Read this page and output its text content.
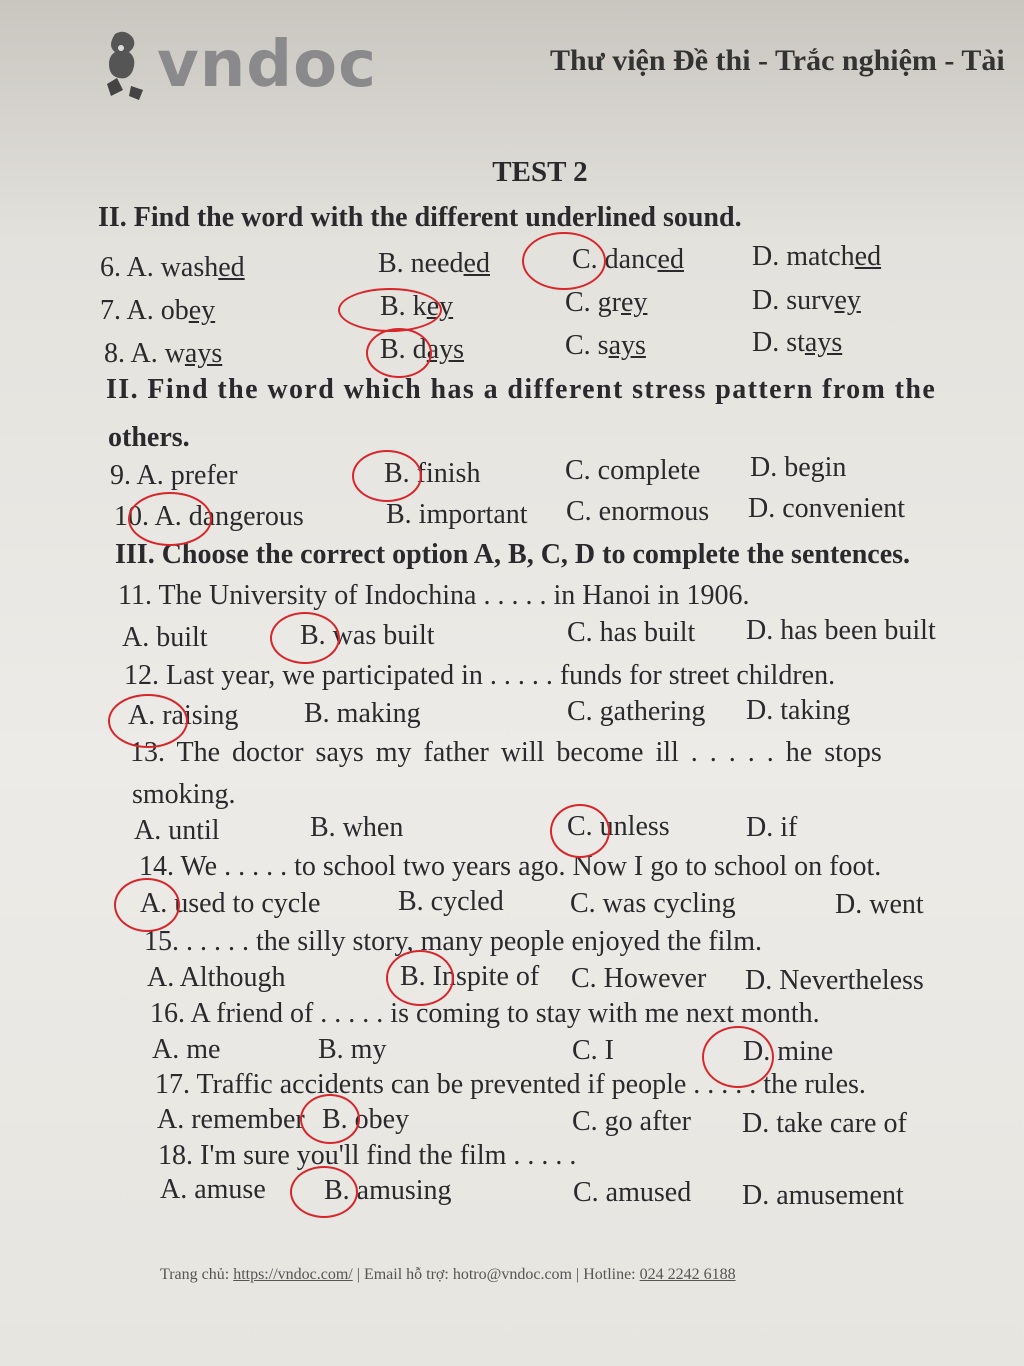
vndoc	Thư viện Đề thi - Trắc nghiệm - Tài
TEST 2
II. Find the word with the different underlined sound.
6. A. washed	B. needed	C. danced D. matched
7. A. obey	B. key	C. grey	D. survey
8. A. ways	B. days	C. says	D. stays
II. Find the word which has a different stress pattern from the
others.
9. A. prefer	B. finish	C. complete D. begin
10. A. dangerous	B. important C. enormous D. convenient
III. Choose the correct option A, B, C, D to complete the sentences.
11. The University of Indochina . . . . . in Hanoi in 1906.
A. built	B. was built	C. has built D. has been built
12. Last year, we participated in . . . . . funds for street children.
A. raising B. making	C. gathering D. taking
13. The doctor says my father will become ill . . . . . he stops
smoking.
A. until	B. when	C. unless	D. if
14. We . . . . . to school two years ago. Now I go to school on foot.
A. used to cycle	B. cycled C. was cycling	D. went
15. . . . . . the silly story, many people enjoyed the film.
A. Although	B. Inspite of C. However D. Nevertheless
16. A friend of . . . . . is coming to stay with me next month.
A. me	B. my	C. I	D. mine
17. Traffic accidents can be prevented if people . . . . . the rules.
A. remember B. obey	C. go after D. take care of
18. I'm sure you'll find the film . . . . .
A. amuse B. amusing	C. amused D. amusement
Trang chủ: https://vndoc.com/ | Email hỗ trợ: hotro@vndoc.com | Hotline: 024 2242 6188
